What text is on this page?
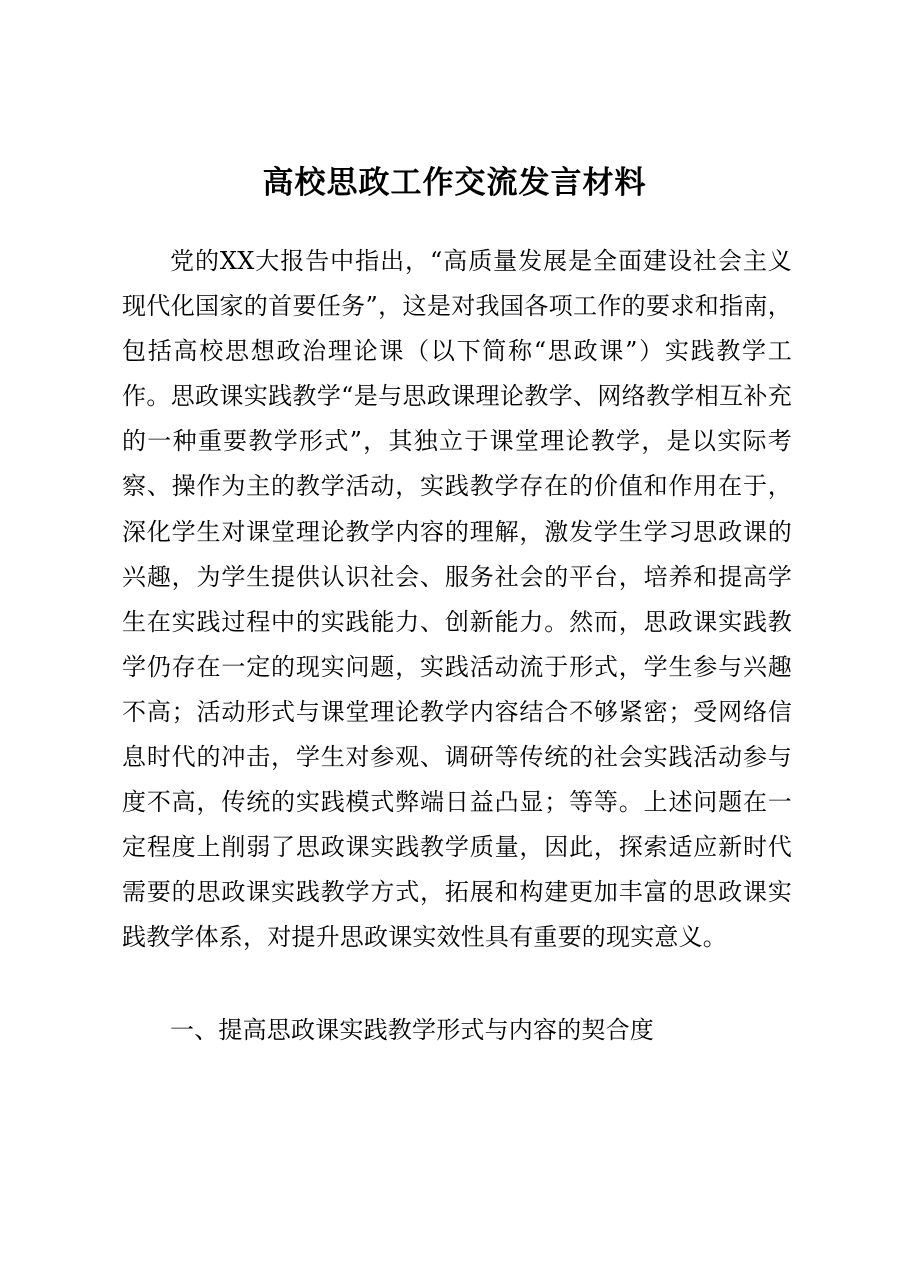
高校思政工作交流发言材料

党的XX大报告中指出，“高质量发展是全面建设社会主义现代化国家的首要任务”，这是对我国各项工作的要求和指南，包括高校思想政治理论课（以下简称“思政课”）实践教学工作。思政课实践教学“是与思政课理论教学、网络教学相互补充的一种重要教学形式”，其独立于课堂理论教学，是以实际考察、操作为主的教学活动，实践教学存在的价值和作用在于，深化学生对课堂理论教学内容的理解，激发学生学习思政课的兴趣，为学生提供认识社会、服务社会的平台，培养和提高学生在实践过程中的实践能力、创新能力。然而，思政课实践教学仍存在一定的现实问题，实践活动流于形式，学生参与兴趣不高；活动形式与课堂理论教学内容结合不够紧密；受网络信息时代的冲击，学生对参观、调研等传统的社会实践活动参与度不高，传统的实践模式弊端日益凸显；等等。上述问题在一定程度上削弱了思政课实践教学质量，因此，探索适应新时代需要的思政课实践教学方式，拓展和构建更加丰富的思政课实践教学体系，对提升思政课实效性具有重要的现实意义。

一、提高思政课实践教学形式与内容的契合度
